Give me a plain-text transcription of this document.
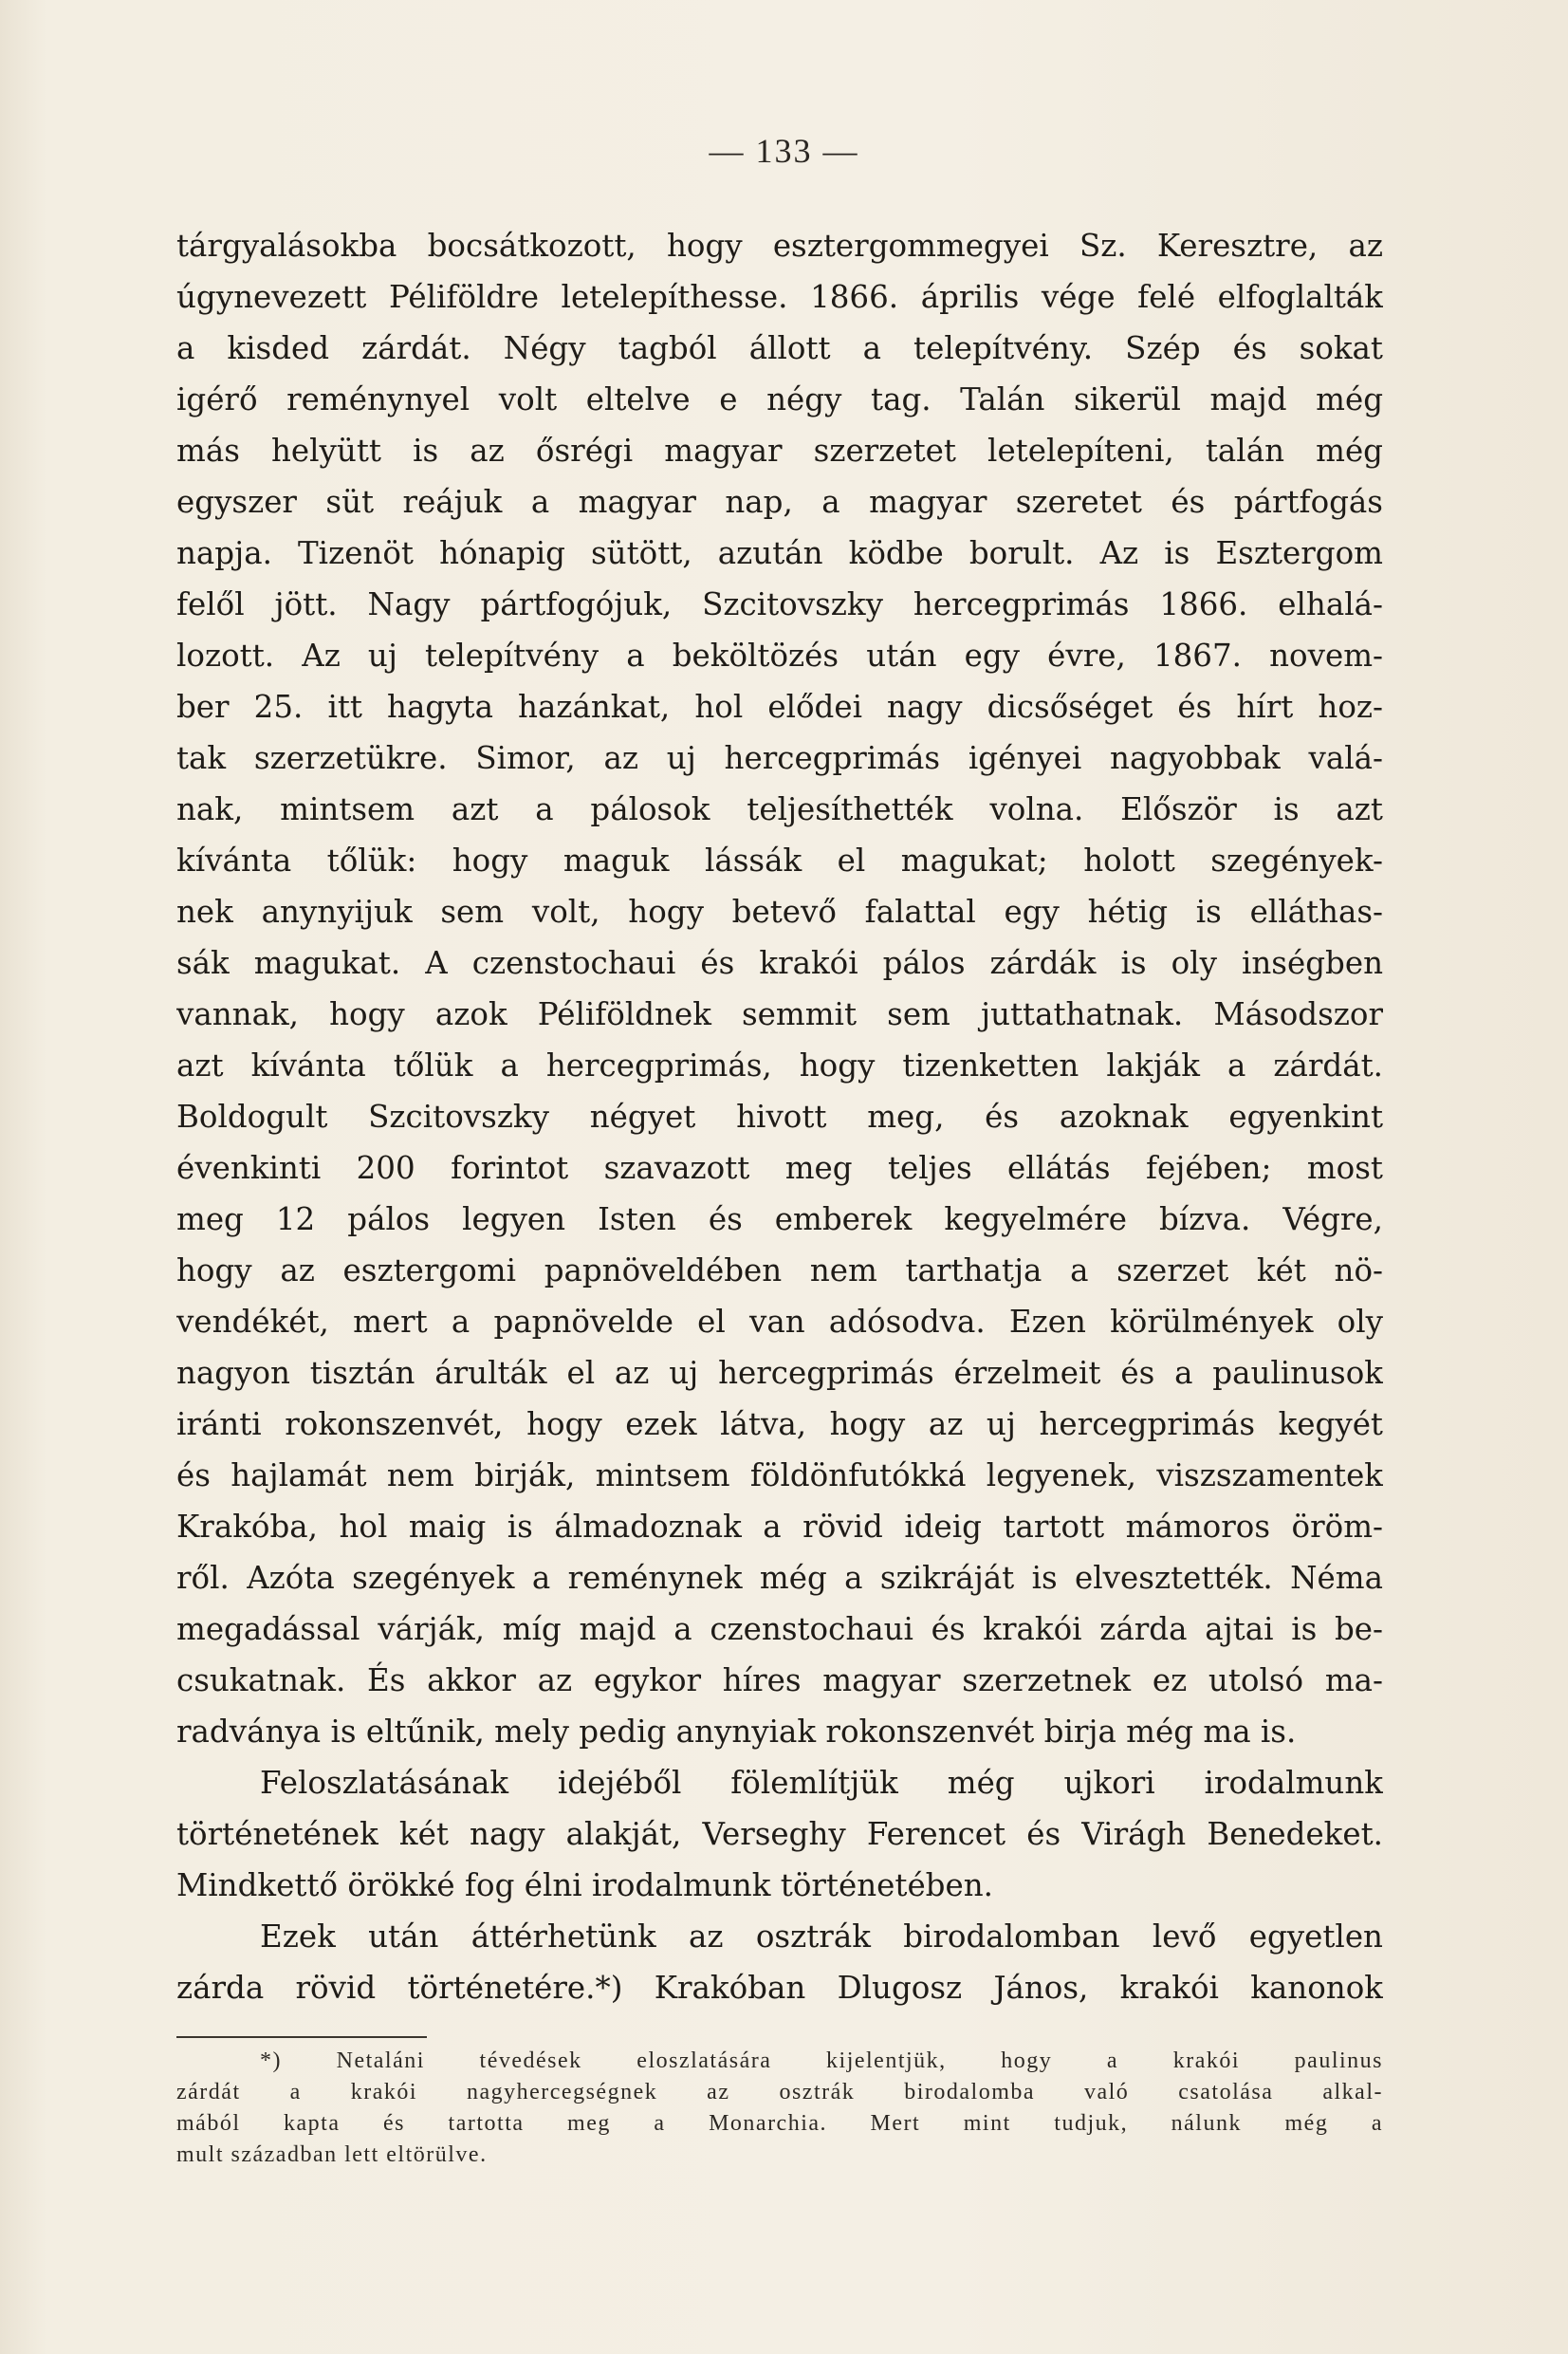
— 133 —
tárgyalásokba bocsátkozott, hogy esztergommegyei Sz. Keresztre, az
úgynevezett Péliföldre letelepíthesse. 1866. április vége felé elfoglalták
a kisded zárdát. Négy tagból állott a telepítvény. Szép és sokat
igérő reménynyel volt eltelve e négy tag. Talán sikerül majd még
más helyütt is az ősrégi magyar szerzetet letelepíteni, talán még
egyszer süt reájuk a magyar nap, a magyar szeretet és pártfogás
napja. Tizenöt hónapig sütött, azután ködbe borult. Az is Esztergom
felől jött. Nagy pártfogójuk, Szcitovszky hercegprimás 1866. elhalá-
lozott. Az uj telepítvény a beköltözés után egy évre, 1867. novem-
ber 25. itt hagyta hazánkat, hol elődei nagy dicsőséget és hírt hoz-
tak szerzetükre. Simor, az uj hercegprimás igényei nagyobbak valá-
nak, mintsem azt a pálosok teljesíthették volna. Először is azt
kívánta tőlük: hogy maguk lássák el magukat; holott szegények-
nek anynyijuk sem volt, hogy betevő falattal egy hétig is elláthas-
sák magukat. A czenstochaui és krakói pálos zárdák is oly inségben
vannak, hogy azok Péliföldnek semmit sem juttathatnak. Másodszor
azt kívánta tőlük a hercegprimás, hogy tizenketten lakják a zárdát.
Boldogult Szcitovszky négyet hivott meg, és azoknak egyenkint
évenkinti 200 forintot szavazott meg teljes ellátás fejében; most
meg 12 pálos legyen Isten és emberek kegyelmére bízva. Végre,
hogy az esztergomi papnöveldében nem tarthatja a szerzet két nö-
vendékét, mert a papnövelde el van adósodva. Ezen körülmények oly
nagyon tisztán árulták el az uj hercegprimás érzelmeit és a paulinusok
iránti rokonszenvét, hogy ezek látva, hogy az uj hercegprimás kegyét
és hajlamát nem birják, mintsem földönfutókká legyenek, viszszamentek
Krakóba, hol maig is álmadoznak a rövid ideig tartott mámoros öröm-
ről. Azóta szegények a reménynek még a szikráját is elvesztették. Néma
megadással várják, míg majd a czenstochaui és krakói zárda ajtai is be-
csukatnak. És akkor az egykor híres magyar szerzetnek ez utolsó ma-
radványa is eltűnik, mely pedig anynyiak rokonszenvét birja még ma is.
Feloszlatásának idejéből fölemlítjük még ujkori irodalmunk
történetének két nagy alakját, Verseghy Ferencet és Virágh Benedeket.
Mindkettő örökké fog élni irodalmunk történetében.
Ezek után áttérhetünk az osztrák birodalomban levő egyetlen
zárda rövid történetére.*) Krakóban Dlugosz János, krakói kanonok
*) Netaláni tévedések eloszlatására kijelentjük, hogy a krakói paulinus
zárdát a krakói nagyhercegségnek az osztrák birodalomba való csatolása alkal-
mából kapta és tartotta meg a Monarchia. Mert mint tudjuk, nálunk még a
mult században lett eltörülve.
